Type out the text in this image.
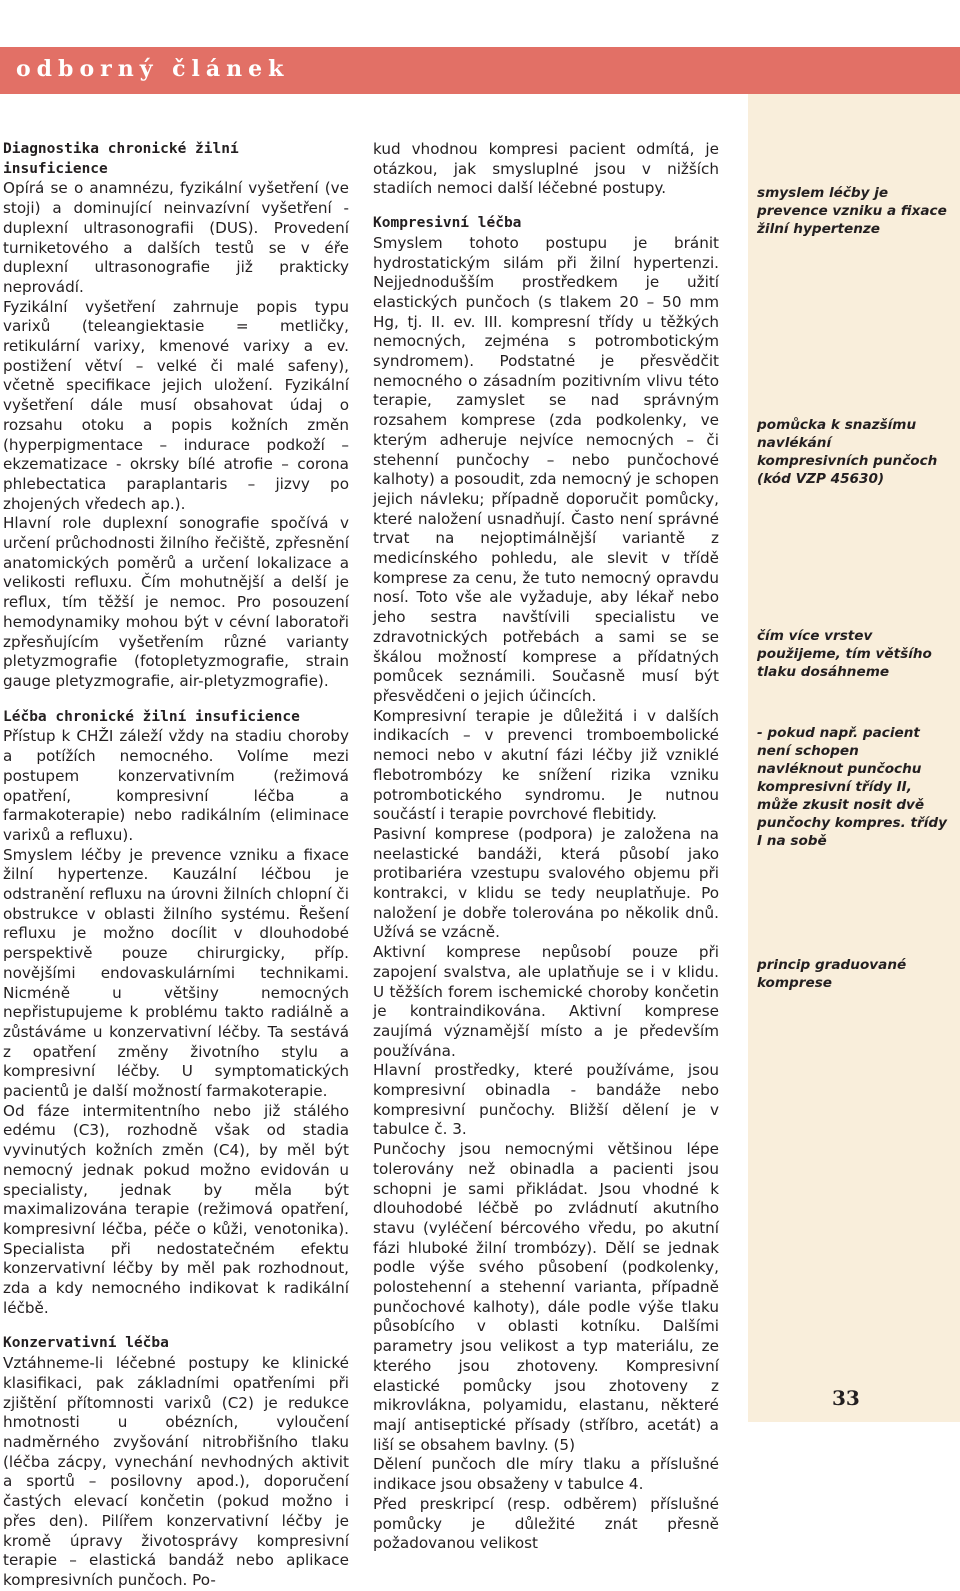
odborný článek

Diagnostika chronické žilní insuficience

Opírá se o anamnézu, fyzikální vyšetření (ve stoji) a dominující neinvazívní vyšetření - duplexní ultrasonografii (DUS). Provedení turniketového a dalších testů se v éře duplexní ultrasonografie již prakticky neprovádí.

Fyzikální vyšetření zahrnuje popis typu varixů (teleangiektasie = metličky, retikulární varixy, kmenové varixy a ev. postižení větví – velké či malé safeny), včetně specifikace jejich uložení. Fyzikální vyšetření dále musí obsahovat údaj o rozsahu otoku a popis kožních změn (hyperpigmentace – indurace podkoží – ekzematizace - okrsky bílé atrofie – corona phlebectatica paraplantaris – jizvy po zhojených vředech ap.).

Hlavní role duplexní sonografie spočívá v určení průchodnosti žilního řečiště, zpřesnění anatomických poměrů a určení lokalizace a velikosti refluxu. Čím mohutnější a delší je reflux, tím těžší je nemoc. Pro posouzení hemodynamiky mohou být v cévní laboratoři zpřesňujícím vyšetřením různé varianty pletyzmografie (fotopletyzmografie, strain gauge pletyzmografie, air-pletyzmografie).

Léčba chronické žilní insuficience

Přístup k CHŽI záleží vždy na stadiu choroby a potížích nemocného. Volíme mezi postupem konzervativním (režimová opatření, kompresivní léčba a farmakoterapie) nebo radikálním (eliminace varixů a refluxu).

Smyslem léčby je prevence vzniku a fixace žilní hypertenze. Kauzální léčbou je odstranění refluxu na úrovni žilních chlopní či obstrukce v oblasti žilního systému. Řešení refluxu je možno docílit v dlouhodobé perspektivě pouze chirurgicky, příp. novějšími endovaskulárními technikami. Nicméně u většiny nemocných nepřistupujeme k problému takto radiálně a zůstáváme u konzervativní léčby. Ta sestává z opatření změny životního stylu a kompresivní léčby. U symptomatických pacientů je další možností farmakoterapie.

Od fáze intermitentního nebo již stálého edému (C3), rozhodně však od stadia vyvinutých kožních změn (C4), by měl být nemocný jednak pokud možno evidován u specialisty, jednak by měla být maximalizována terapie (režimová opatření, kompresivní léčba, péče o kůži, venotonika). Specialista při nedostatečném efektu konzervativní léčby by měl pak rozhodnout, zda a kdy nemocného indikovat k radikální léčbě.

Konzervativní léčba

Vztáhneme-li léčebné postupy ke klinické klasifikaci, pak základními opatřeními při zjištění přítomnosti varixů (C2) je redukce hmotnosti u obézních, vyloučení nadměrného zvyšování nitrobřišního tlaku (léčba zácpy, vynechání nevhodných aktivit a sportů – posilovny apod.), doporučení častých elevací končetin (pokud možno i přes den). Pilířem konzervativní léčby je kromě úpravy životosprávy kompresivní terapie – elastická bandáž nebo aplikace kompresivních punčoch. Po-

kud vhodnou kompresi pacient odmítá, je otázkou, jak smysluplné jsou v nižších stadiích nemoci další léčebné postupy.

Kompresivní léčba

Smyslem tohoto postupu je bránit hydrostatickým silám při žilní hypertenzi. Nejjednodušším prostředkem je užití elastických punčoch (s tlakem 20 – 50 mm Hg, tj. II. ev. III. kompresní třídy u těžkých nemocných, zejména s potrombotickým syndromem). Podstatné je přesvědčit nemocného o zásadním pozitivním vlivu této terapie, zamyslet se nad správným rozsahem komprese (zda podkolenky, ve kterým adheruje nejvíce nemocných – či stehenní punčochy – nebo punčochové kalhoty) a posoudit, zda nemocný je schopen jejich návleku; případně doporučit pomůcky, které naložení usnadňují. Často není správné trvat na nejoptimálnější variantě z medicínského pohledu, ale slevit v třídě komprese za cenu, že tuto nemocný opravdu nosí. Toto vše ale vyžaduje, aby lékař nebo jeho sestra navštívili specialistu ve zdravotnických potřebách a sami se se škálou možností komprese a přídatných pomůcek seznámili. Současně musí být přesvědčeni o jejich účincích.

Kompresivní terapie je důležitá i v dalších indikacích – v prevenci tromboembolické nemoci nebo v akutní fázi léčby již vzniklé flebotrombózy ke snížení rizika vzniku potrombotického syndromu. Je nutnou součástí i terapie povrchové flebitidy.

Pasivní komprese (podpora) je založena na neelastické bandáži, která působí jako protibariéra vzestupu svalového objemu při kontrakci, v klidu se tedy neuplatňuje. Po naložení je dobře tolerována po několik dnů. Užívá se vzácně.

Aktivní komprese nepůsobí pouze při zapojení svalstva, ale uplatňuje se i v klidu. U těžších forem ischemické choroby končetin je kontraindikována. Aktivní komprese zaujímá významější místo a je především používána.

Hlavní prostředky, které používáme, jsou kompresivní obinadla - bandáže nebo kompresivní punčochy. Bližší dělení je v tabulce č. 3.

Punčochy jsou nemocnými většinou lépe tolerovány než obinadla a pacienti jsou schopni je sami přikládat. Jsou vhodné k dlouhodobé léčbě po zvládnutí akutního stavu (vyléčení bércového vředu, po akutní fázi hluboké žilní trombózy). Dělí se jednak podle výše svého působení (podkolenky, polostehenní a stehenní varianta, případně punčochové kalhoty), dále podle výše tlaku působícího v oblasti kotníku. Dalšími parametry jsou velikost a typ materiálu, ze kterého jsou zhotoveny. Kompresivní elastické pomůcky jsou zhotoveny z mikrovlákna, polyamidu, elastanu, některé mají antiseptické přísady (stříbro, acetát) a liší se obsahem bavlny. (5)

Dělení punčoch dle míry tlaku a příslušné indikace jsou obsaženy v tabulce 4.

Před preskripcí (resp. odběrem) příslušné pomůcky je důležité znát přesně požadovanou velikost

smyslem léčby je prevence vzniku a fixace žilní hypertenze
pomůcka k snazšímu navlékání kompresivních punčoch (kód VZP 45630)
čím více vrstev použijeme, tím většího tlaku dosáhneme
- pokud např. pacient není schopen navléknout punčochu kompresivní třídy II, může zkusit nosit dvě punčochy kompres. třídy I na sobě
princip graduované komprese
33
